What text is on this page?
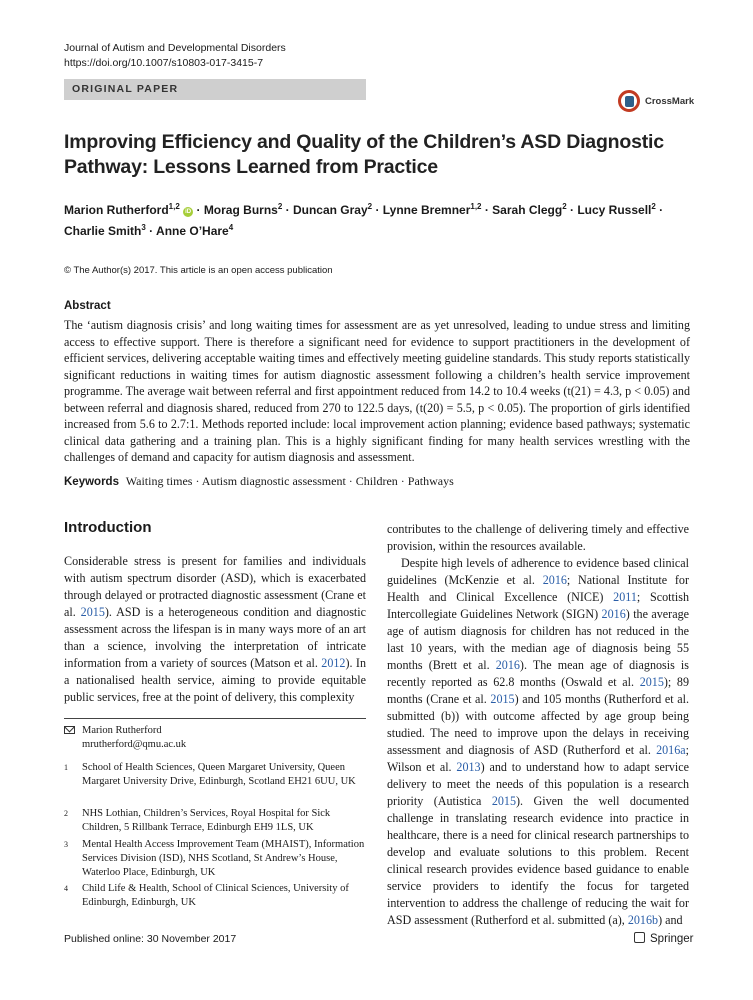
Journal of Autism and Developmental Disorders
https://doi.org/10.1007/s10803-017-3415-7
ORIGINAL PAPER
CrossMark
Improving Efficiency and Quality of the Children’s ASD Diagnostic Pathway: Lessons Learned from Practice
Marion Rutherford$^{1,2}$ iD · Morag Burns$^2$ · Duncan Gray$^2$ · Lynne Bremner$^{1,2}$ · Sarah Clegg$^2$ · Lucy Russell$^2$ ·
Charlie Smith$^3$ · Anne O’Hare$^4$
© The Author(s) 2017. This article is an open access publication
Abstract
The ‘autism diagnosis crisis’ and long waiting times for assessment are as yet unresolved, leading to undue stress and limiting access to effective support. There is therefore a significant need for evidence to support practitioners in the development of efficient services, delivering acceptable waiting times and effectively meeting guideline standards. This study reports statistically significant reductions in waiting times for autism diagnostic assessment following a children’s health service improvement programme. The average wait between referral and first appointment reduced from 14.2 to 10.4 weeks (t(21) = 4.3, p < 0.05) and between referral and diagnosis shared, reduced from 270 to 122.5 days, (t(20) = 5.5, p < 0.05). The proportion of girls identified increased from 5.6 to 2.7:1. Methods reported include: local improvement action planning; evidence based pathways; systematic clinical data gathering and a training plan. This is a highly significant finding for many health services wrestling with the challenges of demand and capacity for autism diagnosis and assessment.
Keywords Waiting times · Autism diagnostic assessment · Children · Pathways
Introduction

Considerable stress is present for families and individuals with autism spectrum disorder (ASD), which is exacerbated through delayed or protracted diagnostic assessment (Crane et al. 2015). ASD is a heterogeneous condition and diagnostic assessment across the lifespan is in many ways more of an art than a science, involving the interpretation of intricate information from a variety of sources (Matson et al. 2012). In a nationalised health service, aiming to provide equitable public services, free at the point of delivery, this complexity

contributes to the challenge of delivering timely and effective provision, within the resources available.

Despite high levels of adherence to evidence based clinical guidelines (McKenzie et al. 2016; National Institute for Health and Clinical Excellence (NICE) 2011; Scottish Intercollegiate Guidelines Network (SIGN) 2016) the average age of autism diagnosis for children has not reduced in the last 10 years, with the median age of diagnosis being 55 months (Brett et al. 2016). The mean age of diagnosis is recently reported as 62.8 months (Oswald et al. 2015); 89 months (Crane et al. 2015) and 105 months (Rutherford et al. submitted (b)) with outcome affected by age group being studied. The need to improve upon the delays in receiving assessment and diagnosis of ASD (Rutherford et al. 2016a; Wilson et al. 2013) and to understand how to adapt service delivery to meet the needs of this population is a research priority (Autistica 2015). Given the well documented challenge in translating research evidence into practice in healthcare, there is a need for clinical research partnerships to develop and evaluate solutions to this problem. Recent clinical research provides evidence based guidance to enable service providers to identify the focus for targeted intervention to address the challenge of reducing the wait for ASD assessment (Rutherford et al. submitted (a), 2016b) and

Marion Rutherford
mrutherford@qmu.ac.uk
1 School of Health Sciences, Queen Margaret University, Queen Margaret University Drive, Edinburgh, Scotland EH21 6UU, UK
2 NHS Lothian, Children’s Services, Royal Hospital for Sick Children, 5 Rillbank Terrace, Edinburgh EH9 1LS, UK
3 Mental Health Access Improvement Team (MHAIST), Information Services Division (ISD), NHS Scotland, St Andrew’s House, Waterloo Place, Edinburgh, UK
4 Child Life & Health, School of Clinical Sciences, University of Edinburgh, Edinburgh, UK
Published online: 30 November 2017	Springer
